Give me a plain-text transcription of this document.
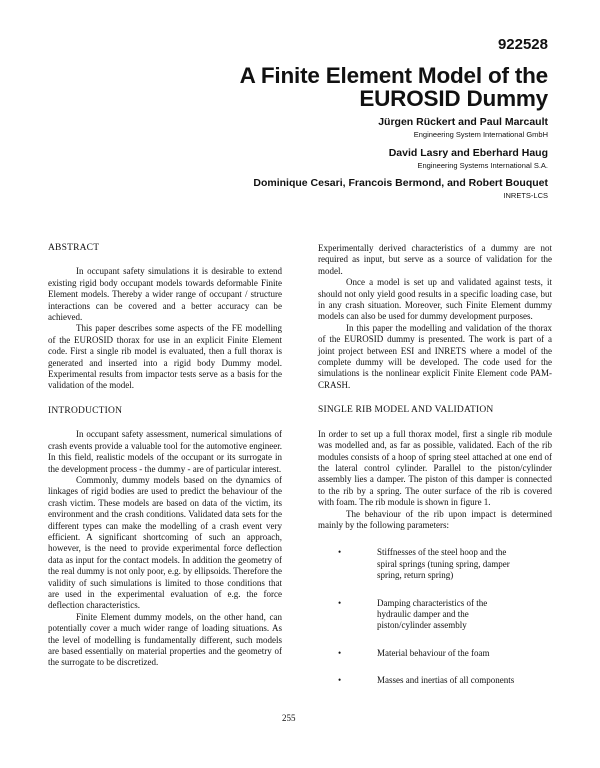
922528
A Finite Element Model of the
EUROSID Dummy
Jürgen Rückert and Paul Marcault
Engineering System International GmbH
David Lasry and Eberhard Haug
Engineering Systems International S.A.
Dominique Cesari, Francois Bermond, and Robert Bouquet
INRETS-LCS
ABSTRACT

In occupant safety simulations it is desirable to extend existing rigid body occupant models towards deformable Finite Element models. Thereby a wider range of occupant / structure interactions can be covered and a better accuracy can be achieved.

This paper describes some aspects of the FE modelling of the EUROSID thorax for use in an explicit Finite Element code. First a single rib model is evaluated, then a full thorax is generated and inserted into a rigid body Dummy model. Experimental results from impactor tests serve as a basis for the validation of the model.

INTRODUCTION

In occupant safety assessment, numerical simulations of crash events provide a valuable tool for the automotive engineer. In this field, realistic models of the occupant or its surrogate in the development process - the dummy - are of particular interest.

Commonly, dummy models based on the dynamics of linkages of rigid bodies are used to predict the behaviour of the crash victim. These models are based on data of the victim, its environment and the crash conditions. Validated data sets for the different types can make the modelling of a crash event very efficient. A significant shortcoming of such an approach, however, is the need to provide experimental force deflection data as input for the contact models. In addition the geometry of the real dummy is not only poor, e.g. by ellipsoids. Therefore the validity of such simulations is limited to those conditions that are used in the experimental evaluation of e.g. the force deflection characteristics.

Finite Element dummy models, on the other hand, can potentially cover a much wider range of loading situations. As the level of modelling is fundamentally different, such models are based essentially on material properties and the geometry of the surrogate to be discretized.

Experimentally derived characteristics of a dummy are not required as input, but serve as a source of validation for the model.

Once a model is set up and validated against tests, it should not only yield good results in a specific loading case, but in any crash situation. Moreover, such Finite Element dummy models can also be used for dummy development purposes.

In this paper the modelling and validation of the thorax of the EUROSID dummy is presented. The work is part of a joint project between ESI and INRETS where a model of the complete dummy will be developed. The code used for the simulations is the nonlinear explicit Finite Element code PAM-CRASH.

SINGLE RIB MODEL AND VALIDATION

In order to set up a full thorax model, first a single rib module was modelled and, as far as possible, validated. Each of the rib modules consists of a hoop of spring steel attached at one end of the lateral control cylinder. Parallel to the piston/cylinder assembly lies a damper. The piston of this damper is connected to the rib by a spring. The outer surface of the rib is covered with foam. The rib module is shown in figure 1.

The behaviour of the rib upon impact is determined mainly by the following parameters:

•	Stiffnesses of the steel hoop and the spiral springs (tuning spring, damper spring, return spring)
•	Damping characteristics of the hydraulic damper and the piston/cylinder assembly
•	Material behaviour of the foam
•	Masses and inertias of all components
255
